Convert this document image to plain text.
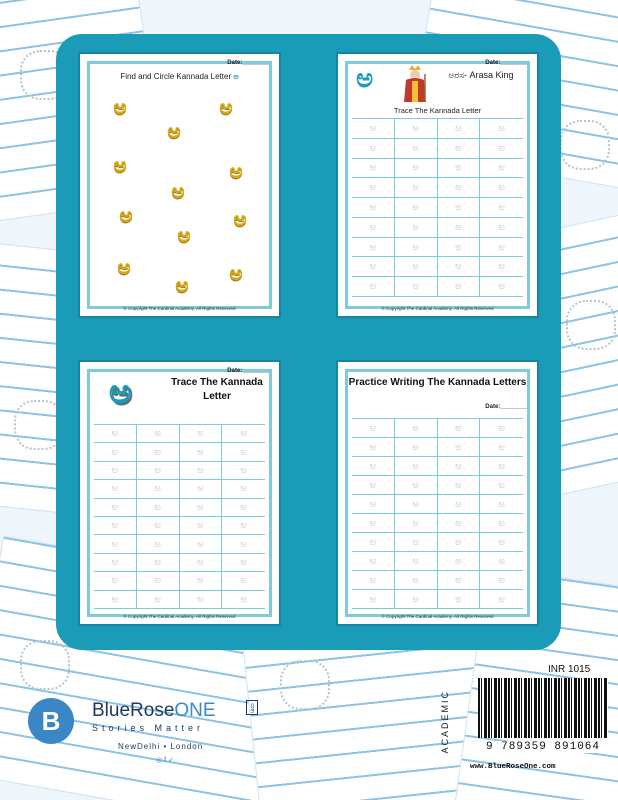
Date:________
Find and Circle Kannada Letter ಅ
ಅ	ಅ
ಅ
ಅ	ಅ
ಅ
ಅ	ಅ
ಅ
ಅ	ಅ
ಅ
© Copyright The Cardinal Academy. All Rights Reserved
Date:________
ಅ	ಅರಸ- Arasa King
Trace The Kannada Letter
ಅ	ಅ	ಅ	ಅ
ಅ	ಅ	ಅ	ಅ
ಅ	ಅ	ಅ	ಅ
ಅ	ಅ	ಅ	ಅ
ಅ	ಅ	ಅ	ಅ
ಅ	ಅ	ಅ	ಅ
ಅ	ಅ	ಅ	ಅ
ಅ	ಅ	ಅ	ಅ
ಅ	ಅ	ಅ	ಅ
© Copyright The Cardinal Academy. All Rights Reserved
Date:________
ಅ	Trace The Kannada Letter
ಅ	ಅ	ಅ	ಅ
ಅ	ಅ	ಅ	ಅ
ಅ	ಅ	ಅ	ಅ
ಅ	ಅ	ಅ	ಅ
ಅ	ಅ	ಅ	ಅ
ಅ	ಅ	ಅ	ಅ
ಅ	ಅ	ಅ	ಅ
ಅ	ಅ	ಅ	ಅ
ಅ	ಅ	ಅ	ಅ
ಅ	ಅ	ಅ	ಅ
© Copyright The Cardinal Academy. All Rights Reserved
Practice Writing The Kannada Letters
Date:________
ಅ	ಅ	ಅ	ಅ
ಅ	ಅ	ಅ	ಅ
ಅ	ಅ	ಅ	ಅ
ಅ	ಅ	ಅ	ಅ
ಅ	ಅ	ಅ	ಅ
ಅ	ಅ	ಅ	ಅ
ಅ	ಅ	ಅ	ಅ
ಅ	ಅ	ಅ	ಅ
ಅ	ಅ	ಅ	ಅ
ಅ	ಅ	ಅ	ಅ
© Copyright The Cardinal Academy. All Rights Reserved
B	BlueRoseONE	.com
Stories Matter
NewDelhi • London
◎f✓
ACADEMIC
INR 1015
9 789359 891064
www.BlueRoseOne.com
